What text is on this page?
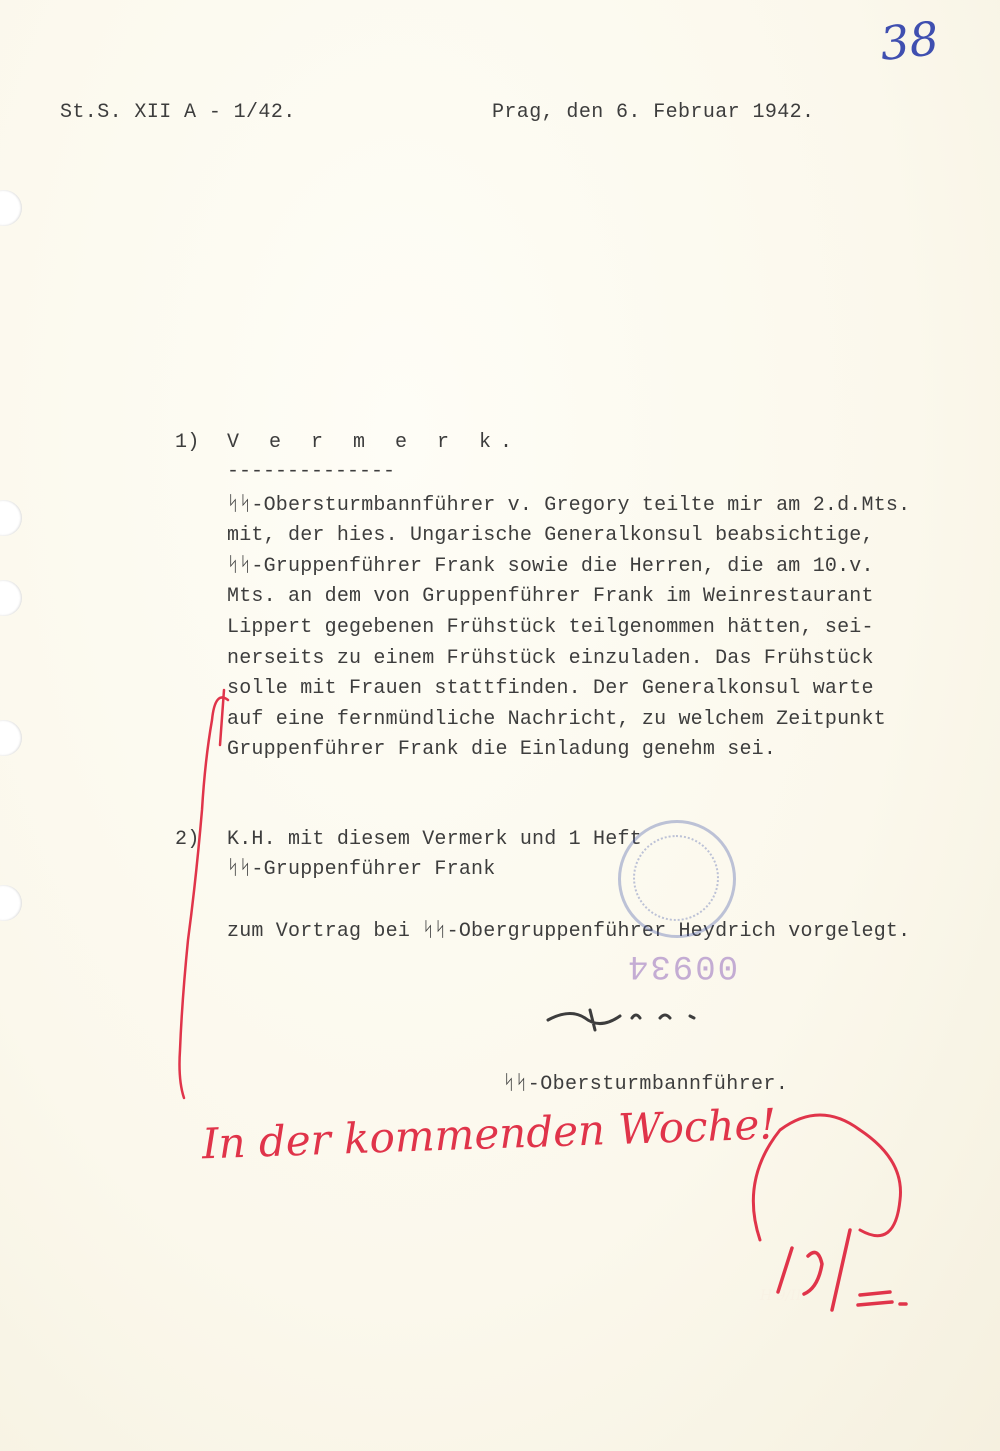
38
St.S. XII A - 1/42.	Prag, den 6. Februar 1942.
1) V e r m e r k.
--------------
ᛋᛋ-Obersturmbannführer v. Gregory teilte mir am 2.d.Mts.
mit, der hies. Ungarische Generalkonsul beabsichtige,
ᛋᛋ-Gruppenführer Frank sowie die Herren, die am 10.v.
Mts. an dem von Gruppenführer Frank im Weinrestaurant
Lippert gegebenen Frühstück teilgenommen hätten, sei-
nerseits zu einem Frühstück einzuladen. Das Frühstück
solle mit Frauen stattfinden. Der Generalkonsul warte
auf eine fernmündliche Nachricht, zu welchem Zeitpunkt
Gruppenführer Frank die Einladung genehm sei.
2) K.H. mit diesem Vermerk und 1 Heft
ᛋᛋ-Gruppenführer Frank
zum Vortrag bei ᛋᛋ-Obergruppenführer Heydrich vorgelegt.
00934
ᛋᛋ-Obersturmbannführer.
In der kommenden Woche!
